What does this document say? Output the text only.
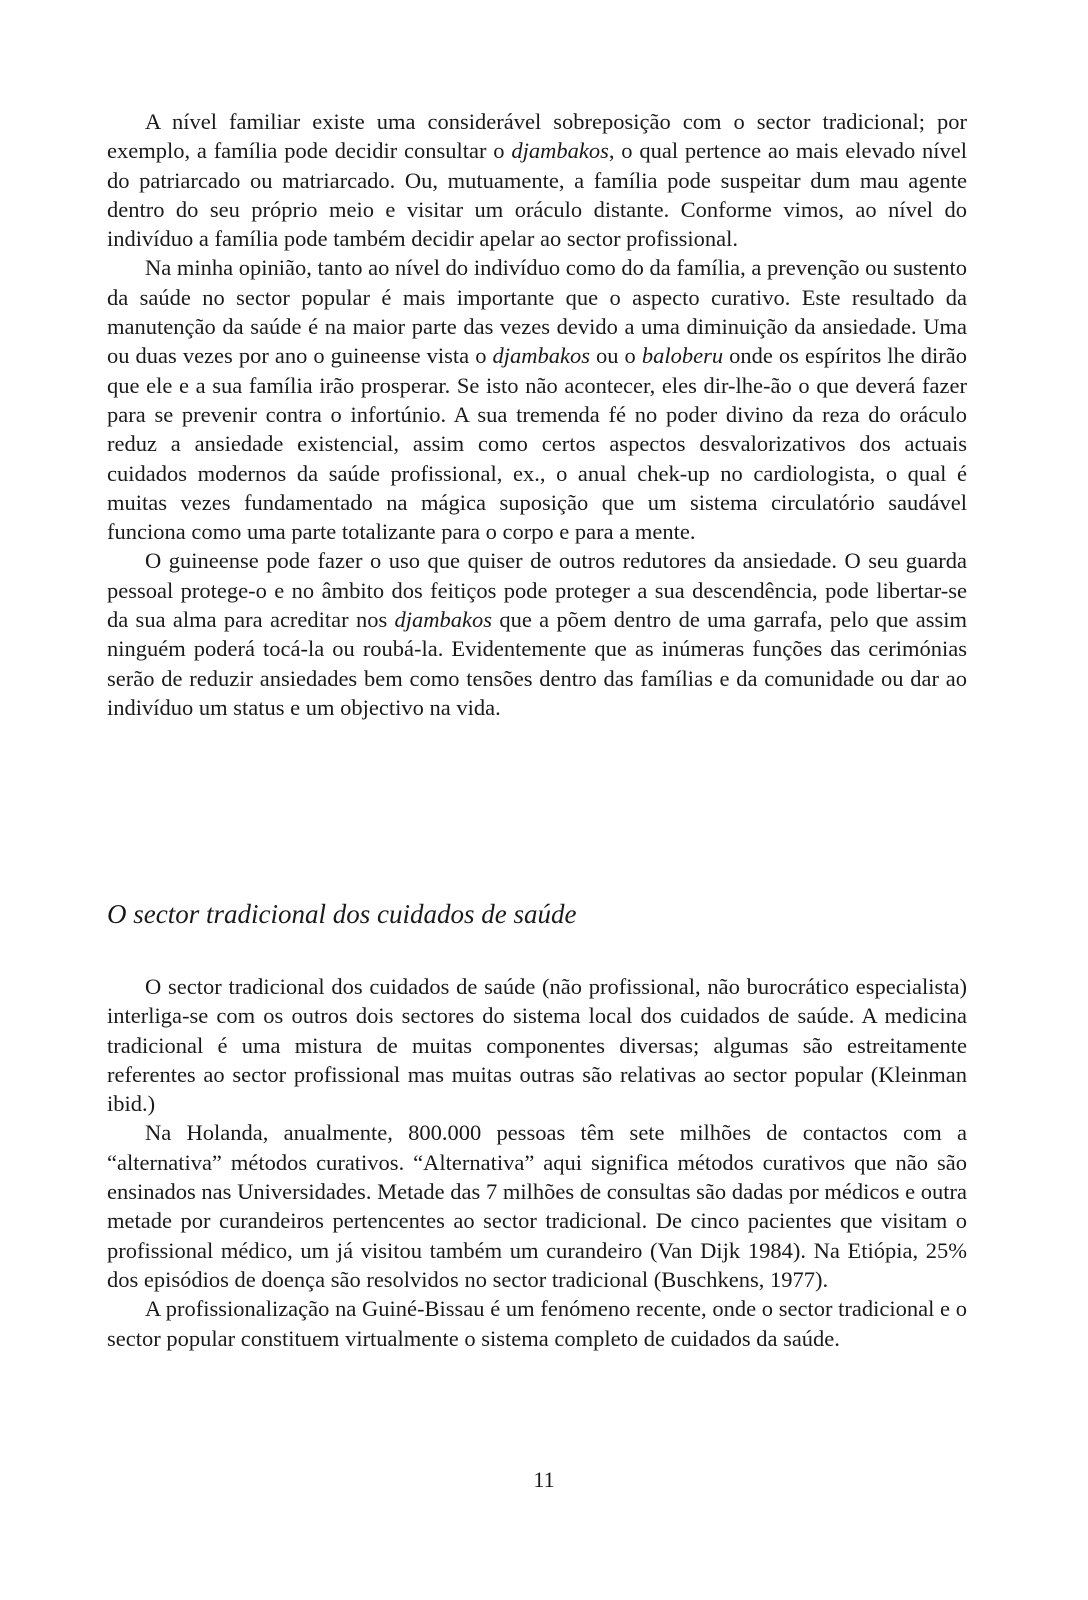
A nível familiar existe uma considerável sobreposição com o sector tradicional; por exemplo, a família pode decidir consultar o djambakos, o qual pertence ao mais elevado nível do patriarcado ou matriarcado. Ou, mutuamente, a família pode suspeitar dum mau agente dentro do seu próprio meio e visitar um oráculo distante. Conforme vimos, ao nível do indivíduo a família pode também decidir apelar ao sector profissional.

Na minha opinião, tanto ao nível do indivíduo como do da família, a prevenção ou sustento da saúde no sector popular é mais importante que o aspecto curativo. Este resultado da manutenção da saúde é na maior parte das vezes devido a uma diminuição da ansiedade. Uma ou duas vezes por ano o guineense vista o djambakos ou o baloberu onde os espíritos lhe dirão que ele e a sua família irão prosperar. Se isto não acontecer, eles dir-lhe-ão o que deverá fazer para se prevenir contra o infortúnio. A sua tremenda fé no poder divino da reza do oráculo reduz a ansiedade existencial, assim como certos aspectos desvalorizativos dos actuais cuidados modernos da saúde profissional, ex., o anual chek-up no cardiologista, o qual é muitas vezes fundamentado na mágica suposição que um sistema circulatório saudável funciona como uma parte totalizante para o corpo e para a mente.

O guineense pode fazer o uso que quiser de outros redutores da ansiedade. O seu guarda pessoal protege-o e no âmbito dos feitiços pode proteger a sua descendência, pode libertar-se da sua alma para acreditar nos djambakos que a põem dentro de uma garrafa, pelo que assim ninguém poderá tocá-la ou roubá-la. Evidentemente que as inúmeras funções das cerimónias serão de reduzir ansiedades bem como tensões dentro das famílias e da comunidade ou dar ao indivíduo um status e um objectivo na vida.

O sector tradicional dos cuidados de saúde

O sector tradicional dos cuidados de saúde (não profissional, não burocrático especialista) interliga-se com os outros dois sectores do sistema local dos cuidados de saúde. A medicina tradicional é uma mistura de muitas componentes diversas; algumas são estreitamente referentes ao sector profissional mas muitas outras são relativas ao sector popular (Kleinman ibid.)

Na Holanda, anualmente, 800.000 pessoas têm sete milhões de contactos com a “alternativa” métodos curativos. “Alternativa” aqui significa métodos curativos que não são ensinados nas Universidades. Metade das 7 milhões de consultas são dadas por médicos e outra metade por curandeiros pertencentes ao sector tradicional. De cinco pacientes que visitam o profissional médico, um já visitou também um curandeiro (Van Dijk 1984). Na Etiópia, 25% dos episódios de doença são resolvidos no sector tradicional (Buschkens, 1977).

A profissionalização na Guiné-Bissau é um fenómeno recente, onde o sector tradicional e o sector popular constituem virtualmente o sistema completo de cuidados da saúde.

11
